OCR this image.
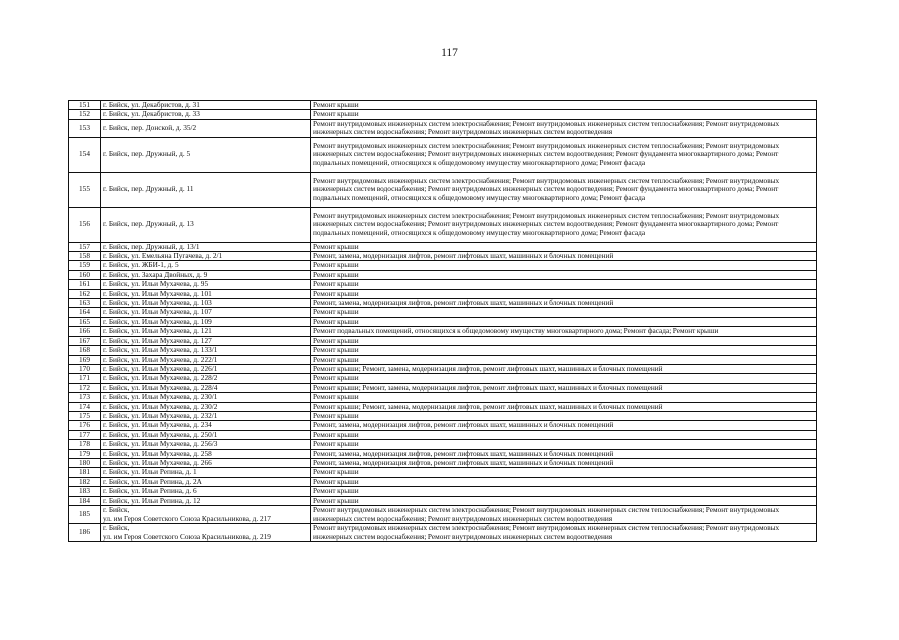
117
151	г. Бийск, ул. Декабристов, д. 31	Ремонт крыши
152	г. Бийск, ул. Декабристов, д. 33	Ремонт крыши
153	г. Бийск, пер. Донской, д. 35/2	Ремонт внутридомовых инженерных систем электроснабжения; Ремонт внутридомовых инженерных систем теплоснабжения; Ремонт внутридомовых инженерных систем водоснабжения; Ремонт внутридомовых инженерных систем водоотведения
154	г. Бийск, пер. Дружный, д. 5	Ремонт внутридомовых инженерных систем электроснабжения; Ремонт внутридомовых инженерных систем теплоснабжения; Ремонт внутридомовых инженерных систем водоснабжения; Ремонт внутридомовых инженерных систем водоотведения; Ремонт фундамента многоквартирного дома; Ремонт подвальных помещений, относящихся к общедомовому имуществу многоквартирного дома; Ремонт фасада
155	г. Бийск, пер. Дружный, д. 11	Ремонт внутридомовых инженерных систем электроснабжения; Ремонт внутридомовых инженерных систем теплоснабжения; Ремонт внутридомовых инженерных систем водоснабжения; Ремонт внутридомовых инженерных систем водоотведения; Ремонт фундамента многоквартирного дома; Ремонт подвальных помещений, относящихся к общедомовому имуществу многоквартирного дома; Ремонт фасада
156	г. Бийск, пер. Дружный, д. 13	Ремонт внутридомовых инженерных систем электроснабжения; Ремонт внутридомовых инженерных систем теплоснабжения; Ремонт внутридомовых инженерных систем водоснабжения; Ремонт внутридомовых инженерных систем водоотведения; Ремонт фундамента многоквартирного дома; Ремонт подвальных помещений, относящихся к общедомовому имуществу многоквартирного дома; Ремонт фасада
157	г. Бийск, пер. Дружный, д. 13/1	Ремонт крыши
158	г. Бийск, ул. Емельяна Пугачева, д. 2/1	Ремонт, замена, модернизация лифтов, ремонт лифтовых шахт, машинных и блочных помещений
159	г. Бийск, ул. ЖБИ-1, д. 5	Ремонт крыши
160	г. Бийск, ул. Захара Двойных, д. 9	Ремонт крыши
161	г. Бийск, ул. Ильи Мухачева, д. 95	Ремонт крыши
162	г. Бийск, ул. Ильи Мухачева, д. 101	Ремонт крыши
163	г. Бийск, ул. Ильи Мухачева, д. 103	Ремонт, замена, модернизация лифтов, ремонт лифтовых шахт, машинных и блочных помещений
164	г. Бийск, ул. Ильи Мухачева, д. 107	Ремонт крыши
165	г. Бийск, ул. Ильи Мухачева, д. 109	Ремонт крыши
166	г. Бийск, ул. Ильи Мухачева, д. 121	Ремонт подвальных помещений, относящихся к общедомовому имуществу многоквартирного дома; Ремонт фасада; Ремонт крыши
167	г. Бийск, ул. Ильи Мухачева, д. 127	Ремонт крыши
168	г. Бийск, ул. Ильи Мухачева, д. 133/1	Ремонт крыши
169	г. Бийск, ул. Ильи Мухачева, д. 222/1	Ремонт крыши
170	г. Бийск, ул. Ильи Мухачева, д. 226/1	Ремонт крыши; Ремонт, замена, модернизация лифтов, ремонт лифтовых шахт, машинных и блочных помещений
171	г. Бийск, ул. Ильи Мухачева, д. 228/2	Ремонт крыши
172	г. Бийск, ул. Ильи Мухачева, д. 228/4	Ремонт крыши; Ремонт, замена, модернизация лифтов, ремонт лифтовых шахт, машинных и блочных помещений
173	г. Бийск, ул. Ильи Мухачева, д. 230/1	Ремонт крыши
174	г. Бийск, ул. Ильи Мухачева, д. 230/2	Ремонт крыши; Ремонт, замена, модернизация лифтов, ремонт лифтовых шахт, машинных и блочных помещений
175	г. Бийск, ул. Ильи Мухачева, д. 232/1	Ремонт крыши
176	г. Бийск, ул. Ильи Мухачева, д. 234	Ремонт, замена, модернизация лифтов, ремонт лифтовых шахт, машинных и блочных помещений
177	г. Бийск, ул. Ильи Мухачева, д. 250/1	Ремонт крыши
178	г. Бийск, ул. Ильи Мухачева, д. 256/3	Ремонт крыши
179	г. Бийск, ул. Ильи Мухачева, д. 258	Ремонт, замена, модернизация лифтов, ремонт лифтовых шахт, машинных и блочных помещений
180	г. Бийск, ул. Ильи Мухачева, д. 266	Ремонт, замена, модернизация лифтов, ремонт лифтовых шахт, машинных и блочных помещений
181	г. Бийск, ул. Ильи Репина, д. 1	Ремонт крыши
182	г. Бийск, ул. Ильи Репина, д. 2А	Ремонт крыши
183	г. Бийск, ул. Ильи Репина, д. 6	Ремонт крыши
184	г. Бийск, ул. Ильи Репина, д. 12	Ремонт крыши
185	г. Бийск,
ул. им Героя Советского Союза Красильникова, д. 217	Ремонт внутридомовых инженерных систем электроснабжения; Ремонт внутридомовых инженерных систем теплоснабжения; Ремонт внутридомовых инженерных систем водоснабжения; Ремонт внутридомовых инженерных систем водоотведения
186	г. Бийск,
ул. им Героя Советского Союза Красильникова, д. 219	Ремонт внутридомовых инженерных систем электроснабжения; Ремонт внутридомовых инженерных систем теплоснабжения; Ремонт внутридомовых инженерных систем водоснабжения; Ремонт внутридомовых инженерных систем водоотведения
